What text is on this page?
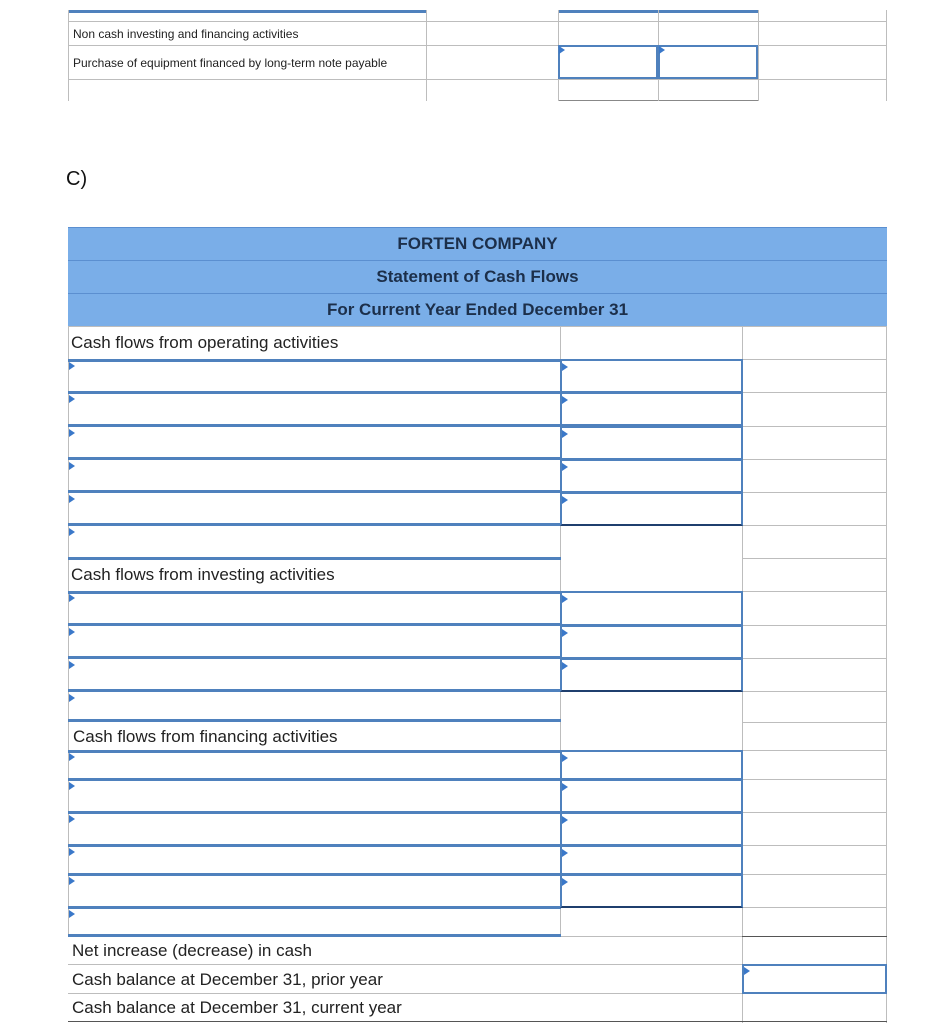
Non cash investing and financing activities
Purchase of equipment financed by long-term note payable
C)
FORTEN COMPANY
Statement of Cash Flows
For Current Year Ended December 31
Cash flows from operating activities
Cash flows from investing activities
Cash flows from financing activities
Net increase (decrease) in cash
Cash balance at December 31, prior year
Cash balance at December 31, current year
